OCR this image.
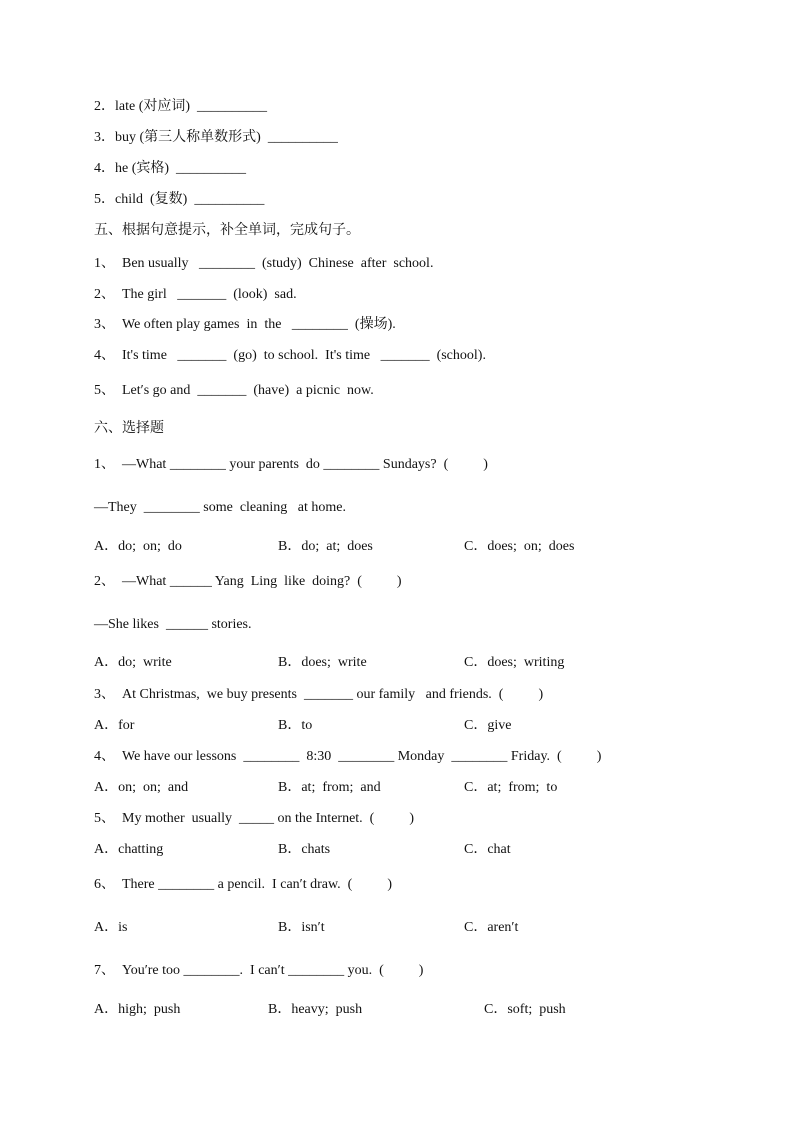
2．late (对应词)  __________
3．buy (第三人称单数形式)  __________
4．he (宾格)  __________
5．child  (复数)  __________
五、根据句意提示，补全单词，完成句子。
1、  Ben usually   ________  (study)  Chinese  after  school.
2、  The girl   _______  (look)  sad.
3、  We often play games  in  the   ________  (操场).
4、  It's time   _______  (go)  to school.  It's time   _______  (school).
5、  Let′s go and  _______  (have)  a picnic  now.
六、选择题
1、  —What ________ your parents  do ________ Sundays?  (          )
—They  ________ some  cleaning   at home.
A．do;  on;  do	B．do;  at;  does	C．does;  on;  does
2、  —What ______ Yang  Ling  like  doing?  (          )
—She likes  ______ stories.
A．do;  write	B．does;  write	C．does;  writing
3、  At Christmas,  we buy presents  _______ our family   and friends.  (          )
A．for	B．to	C．give
4、  We have our lessons  ________  8:30  ________ Monday  ________ Friday.  (          )
A．on;  on;  and	B．at;  from;  and	C．at;  from;  to
5、  My mother  usually  _____ on the Internet.  (          )
A．chatting	B．chats	C．chat
6、  There ________ a pencil.  I can′t draw.  (          )
A．is	B．isn′t	C．aren′t
7、  You′re too ________.  I can′t ________ you.  (          )
A．high;  push	B．heavy;  push	C．soft;  push
